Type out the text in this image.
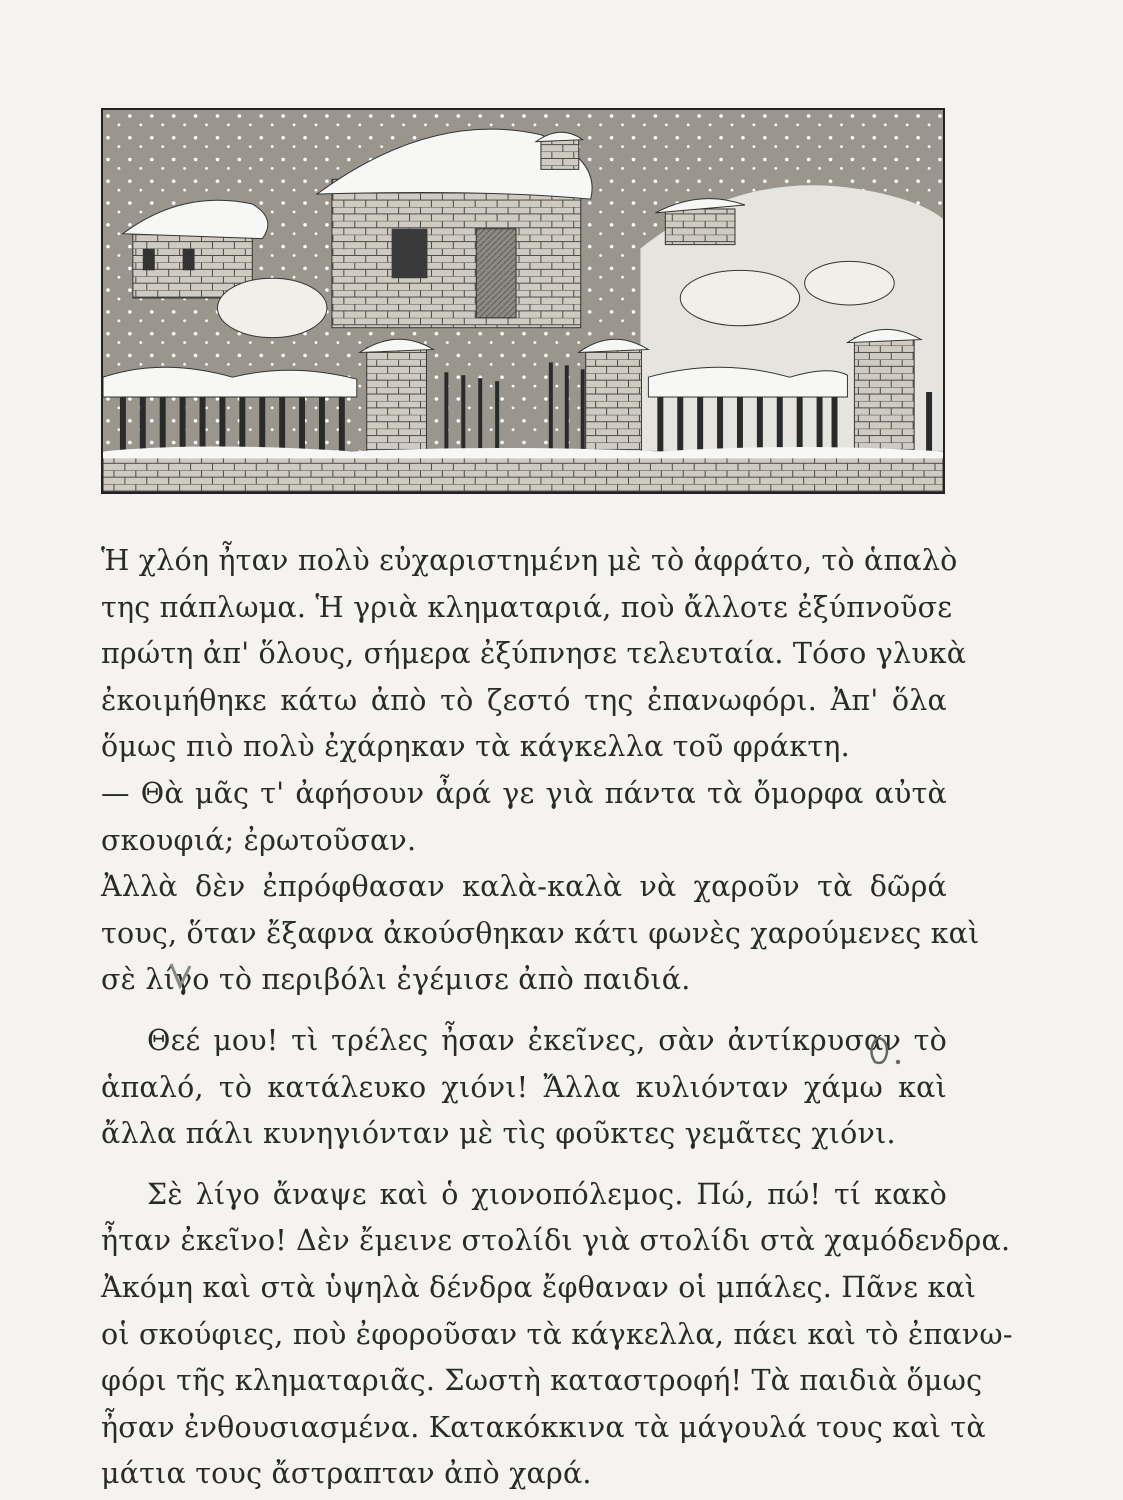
Ἡ χλόη ἦταν πολὺ εὐχαριστημένη μὲ τὸ ἀφράτο, τὸ ἁπαλὸ
της πάπλωμα. Ἡ γριὰ κληματαριά, ποὺ ἄλλοτε ἐξύπνοῦσε
πρώτη ἀπ' ὅλους, σήμερα ἐξύπνησε τελευταία. Τόσο γλυκὰ
ἐκοιμήθηκε κάτω ἀπὸ τὸ ζεστό της ἐπανωφόρι. Ἀπ' ὅλα
ὅμως πιὸ πολὺ ἐχάρηκαν τὰ κάγκελλα τοῦ φράκτη.

— Θὰ μᾶς τ' ἀφήσουν ἆρά γε γιὰ πάντα τὰ ὄμορφα αὐτὰ
σκουφιά; ἐρωτοῦσαν.

Ἀλλὰ δὲν ἐπρόφθασαν καλὰ-καλὰ νὰ χαροῦν τὰ δῶρά
τους, ὅταν ἔξαφνα ἀκούσθηκαν κάτι φωνὲς χαρούμενες καὶ
σὲ λίγο τὸ περιβόλι ἐγέμισε ἀπὸ παιδιά.

Θεέ μου! τὶ τρέλες ἦσαν ἐκεῖνες, σὰν ἀντίκρυσαν τὸ
ἁπαλό, τὸ κατάλευκο χιόνι! Ἄλλα κυλιόνταν χάμω καὶ
ἄλλα πάλι κυνηγιόνταν μὲ τὶς φοῦκτες γεμᾶτες χιόνι.

Σὲ λίγο ἄναψε καὶ ὁ χιονοπόλεμος. Πώ, πώ! τί κακὸ
ἦταν ἐκεῖνο! Δὲν ἔμεινε στολίδι γιὰ στολίδι στὰ χαμόδενδρα.
Ἀκόμη καὶ στὰ ὑψηλὰ δένδρα ἔφθαναν οἱ μπάλες. Πᾶνε καὶ
οἱ σκούφιες, ποὺ ἐφοροῦσαν τὰ κάγκελλα, πάει καὶ τὸ ἐπανω-
φόρι τῆς κληματαριᾶς. Σωστὴ καταστροφή! Τὰ παιδιὰ ὅμως
ἦσαν ἐνθουσιασμένα. Κατακόκκινα τὰ μάγουλά τους καὶ τὰ
μάτια τους ἄστραπταν ἀπὸ χαρά.
